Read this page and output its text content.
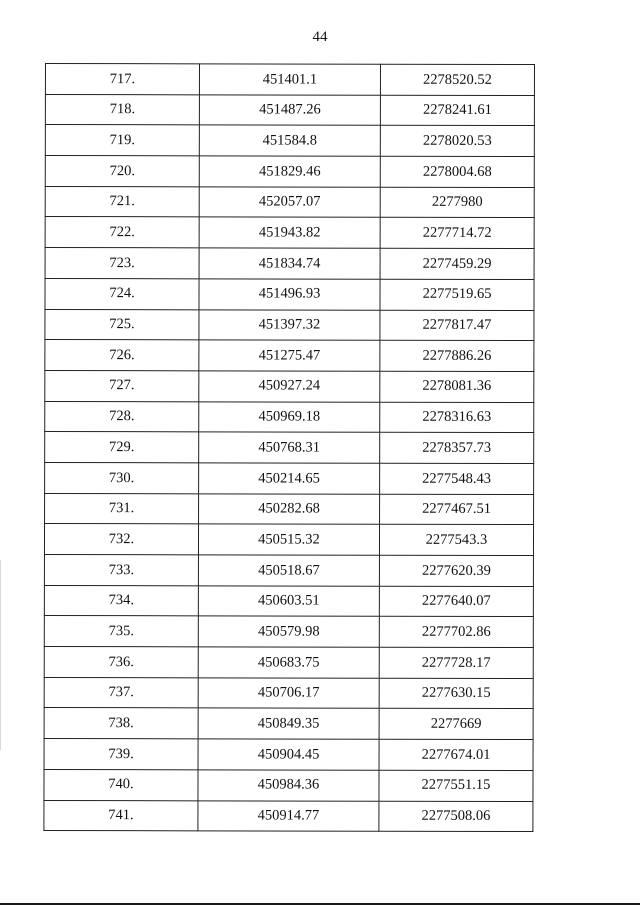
44
717.	451401.1	2278520.52
718.	451487.26	2278241.61
719.	451584.8	2278020.53
720.	451829.46	2278004.68
721.	452057.07	2277980
722.	451943.82	2277714.72
723.	451834.74	2277459.29
724.	451496.93	2277519.65
725.	451397.32	2277817.47
726.	451275.47	2277886.26
727.	450927.24	2278081.36
728.	450969.18	2278316.63
729.	450768.31	2278357.73
730.	450214.65	2277548.43
731.	450282.68	2277467.51
732.	450515.32	2277543.3
733.	450518.67	2277620.39
734.	450603.51	2277640.07
735.	450579.98	2277702.86
736.	450683.75	2277728.17
737.	450706.17	2277630.15
738.	450849.35	2277669
739.	450904.45	2277674.01
740.	450984.36	2277551.15
741.	450914.77	2277508.06
